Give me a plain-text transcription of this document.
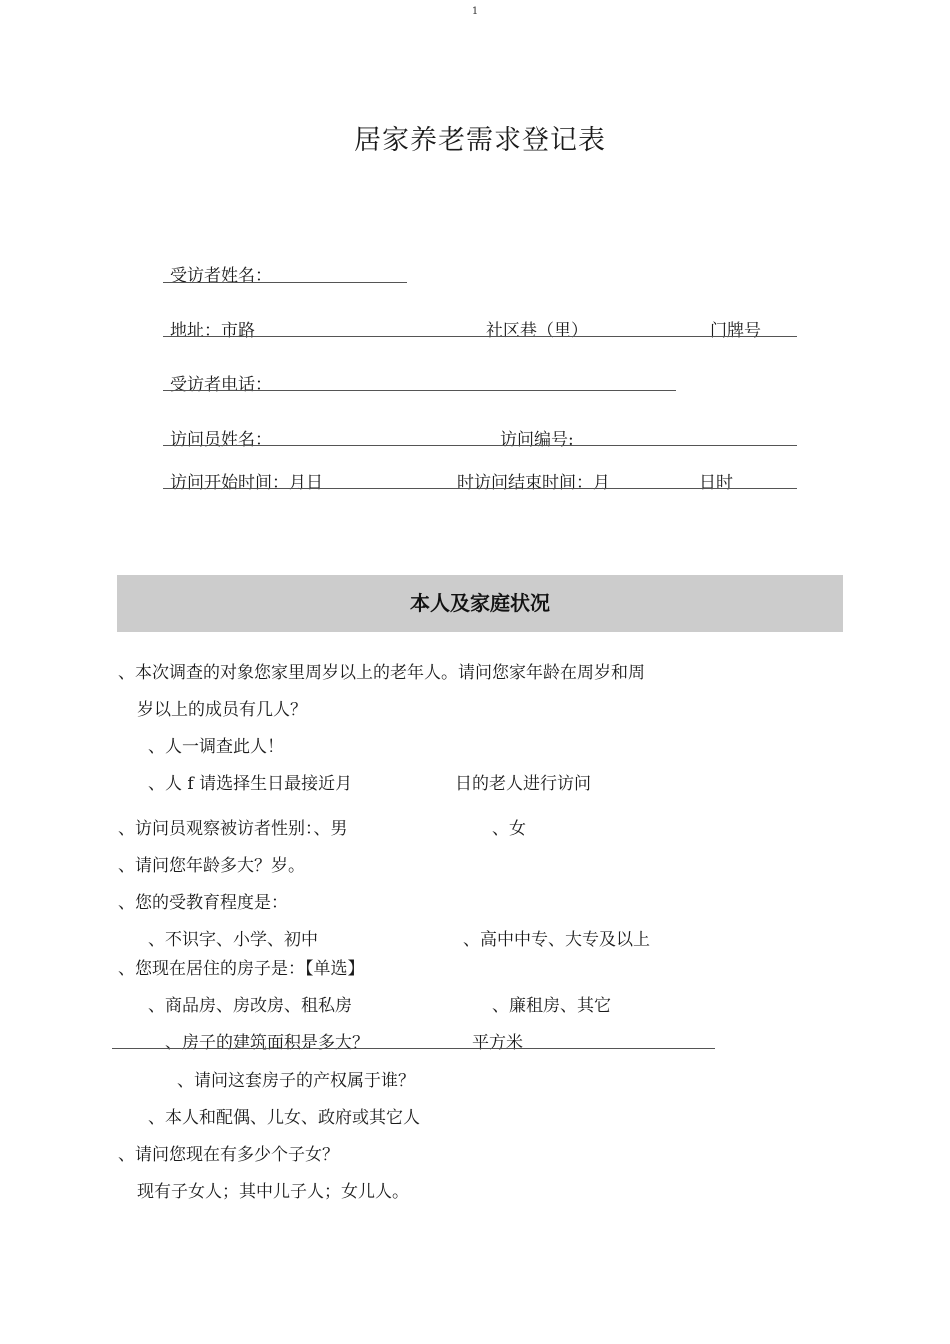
1
居家养老需求登记表
受访者姓名：
地址：市路	社区巷（里）	门牌号
受访者电话：
访问员姓名：	访问编号:
访问开始时间：月日	时访问结束时间：月	日时
本人及家庭状况
、本次调查的对象您家里周岁以上的老年人。请问您家年龄在周岁和周
岁以上的成员有几人？
、人一调查此人！
、人 f 请选择生日最接近月	日的老人进行访问
、访问员观察被访者性别：、男	、女
、请问您年龄多大？岁。
、您的受教育程度是：
、不识字、小学、初中	、高中中专、大专及以上
、您现在居住的房子是：【单选】
、商品房、房改房、租私房	、廉租房、其它
、房子的建筑面积是多大？	平方米
、请问这套房子的产权属于谁？
、本人和配偶、儿女、政府或其它人
、请问您现在有多少个子女？
现有子女人；其中儿子人；女儿人。
